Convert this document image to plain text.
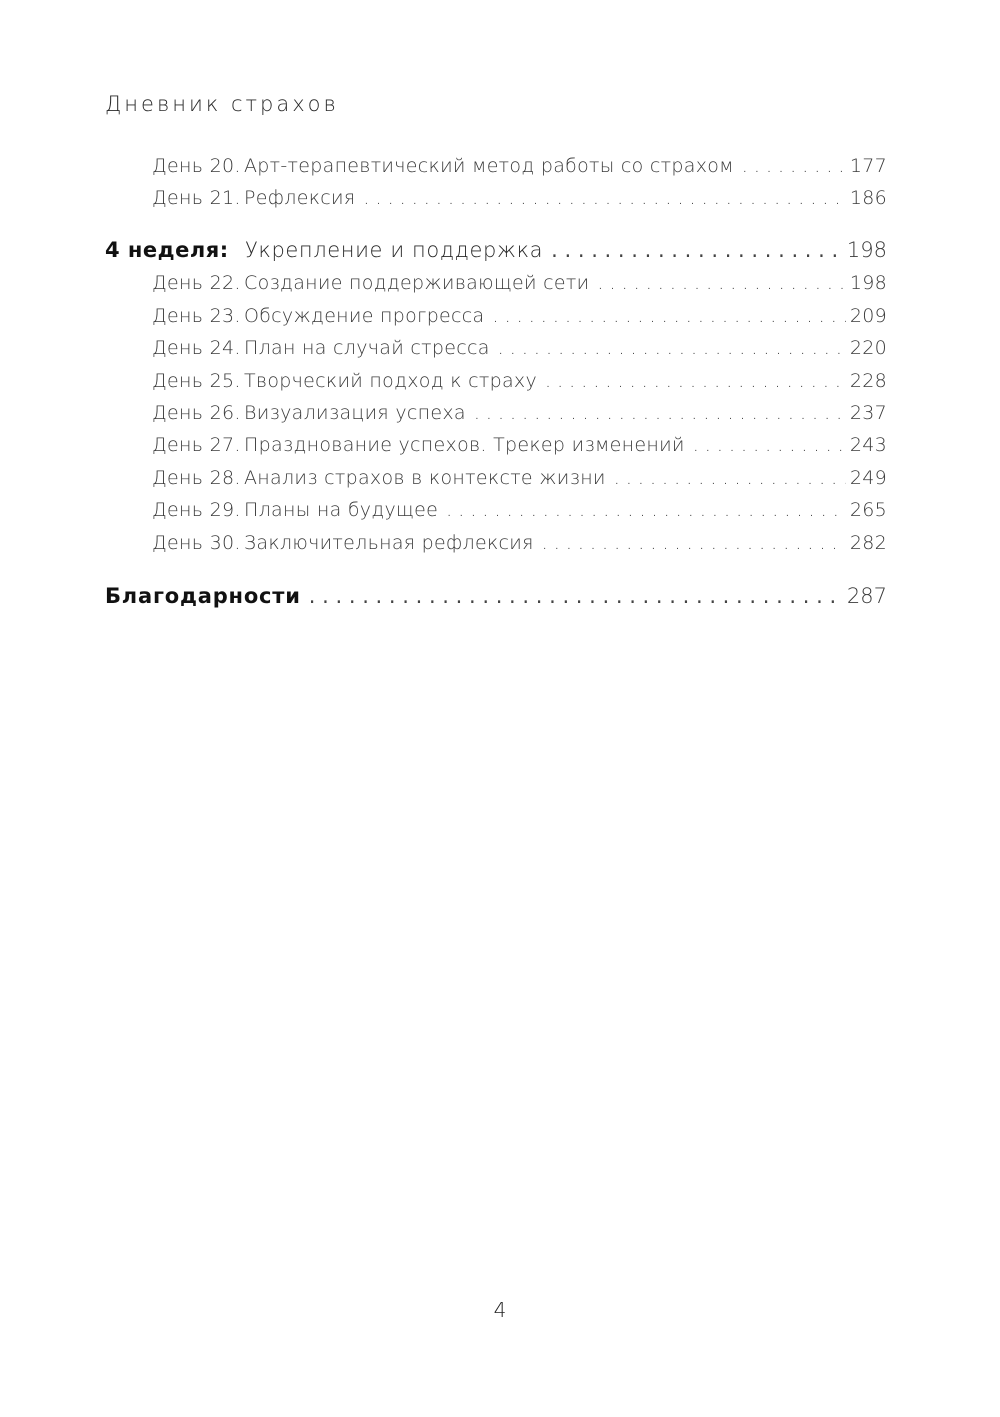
Дневник страхов
День 20. Арт-терапевтический метод работы со страхом . . .	177
День 21. Рефлексия . . .	186
4 неделя: Укрепление и поддержка . . .	198
День 22. Создание поддерживающей сети . . .	198
День 23. Обсуждение прогресса . . .	209
День 24. План на случай стресса . . .	220
День 25. Творческий подход к страху . . .	228
День 26. Визуализация успеха . . .	237
День 27. Празднование успехов. Трекер изменений . . .	243
День 28. Анализ страхов в контексте жизни . . .	249
День 29. Планы на будущее . . .	265
День 30. Заключительная рефлексия . . .	282
Благодарности . . .	287
4
